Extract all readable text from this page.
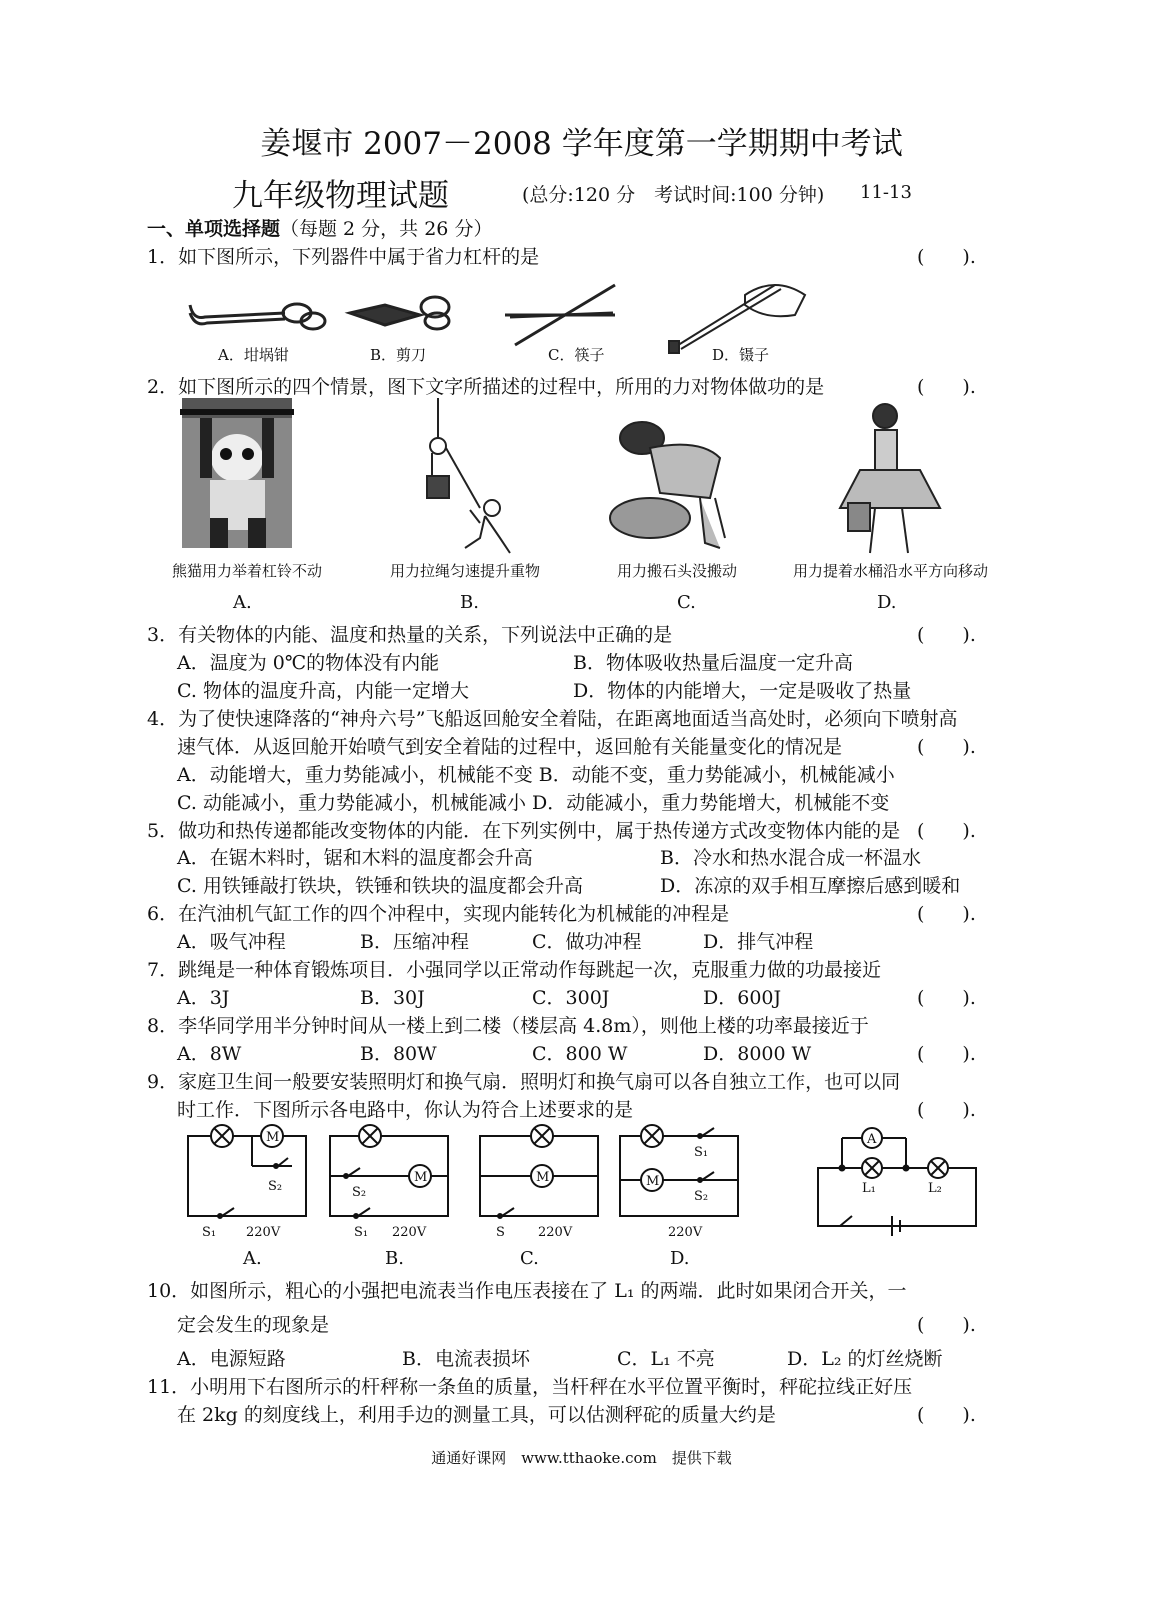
姜堰市 2007－2008 学年度第一学期期中考试
九年级物理试题	(总分:120 分　考试时间:100 分钟) 11-13
一、单项选择题（每题 2 分，共 26 分）
1．如下图所示，下列器件中属于省力杠杆的是	(　　).
A．坩埚钳	B．剪刀	C．筷子	D．镊子
2．如下图所示的四个情景，图下文字所描述的过程中，所用的力对物体做功的是	(　　).
熊猫用力举着杠铃不动	用力拉绳匀速提升重物	用力搬石头没搬动	用力提着水桶沿水平方向移动
A.	B.	C.	D.
3．有关物体的内能、温度和热量的关系，下列说法中正确的是	(　　).
A．温度为 0℃的物体没有内能	B．物体吸收热量后温度一定升高
C. 物体的温度升高，内能一定增大	D．物体的内能增大，一定是吸收了热量
4．为了使快速降落的“神舟六号”飞船返回舱安全着陆，在距离地面适当高处时，必须向下喷射高
速气体．从返回舱开始喷气到安全着陆的过程中，返回舱有关能量变化的情况是	(　　).
A．动能增大，重力势能减小，机械能不变 B．动能不变，重力势能减小，机械能减小
C. 动能减小，重力势能减小，机械能减小 D．动能减小，重力势能增大，机械能不变
5．做功和热传递都能改变物体的内能．在下列实例中，属于热传递方式改变物体内能的是 (　　).
A．在锯木料时，锯和木料的温度都会升高	B．冷水和热水混合成一杯温水
C. 用铁锤敲打铁块，铁锤和铁块的温度都会升高	D．冻凉的双手相互摩擦后感到暖和
6．在汽油机气缸工作的四个冲程中，实现内能转化为机械能的冲程是	(　　).
A．吸气冲程	B．压缩冲程	C．做功冲程	D．排气冲程
7．跳绳是一种体育锻炼项目．小强同学以正常动作每跳起一次，克服重力做的功最接近
A．3J	B．30J	C．300J	D．600J	(　　).
8．李华同学用半分钟时间从一楼上到二楼（楼层高 4.8m），则他上楼的功率最接近于
A．8W	B．80W	C．800 W	D．8000 W	(　　).
9．家庭卫生间一般要安装照明灯和换气扇．照明灯和换气扇可以各自独立工作，也可以同
时工作．下图所示各电路中，你认为符合上述要求的是	(　　).
M
S₂
S₁ 220V
M
S₂
S₁ 220V
M
S	220V
M
S₁
S₂
220V
A
L₁	L₂
A.	B.	C.	D.
10．如图所示，粗心的小强把电流表当作电压表接在了 L₁ 的两端．此时如果闭合开关，一
定会发生的现象是	(　　).
A．电源短路	B．电流表损坏	C．L₁ 不亮	D．L₂ 的灯丝烧断
11．小明用下右图所示的杆秤称一条鱼的质量，当杆秤在水平位置平衡时，秤砣拉线正好压
在 2kg 的刻度线上，利用手边的测量工具，可以估测秤砣的质量大约是	(　　).
通通好课网　www.tthaoke.com　提供下载
